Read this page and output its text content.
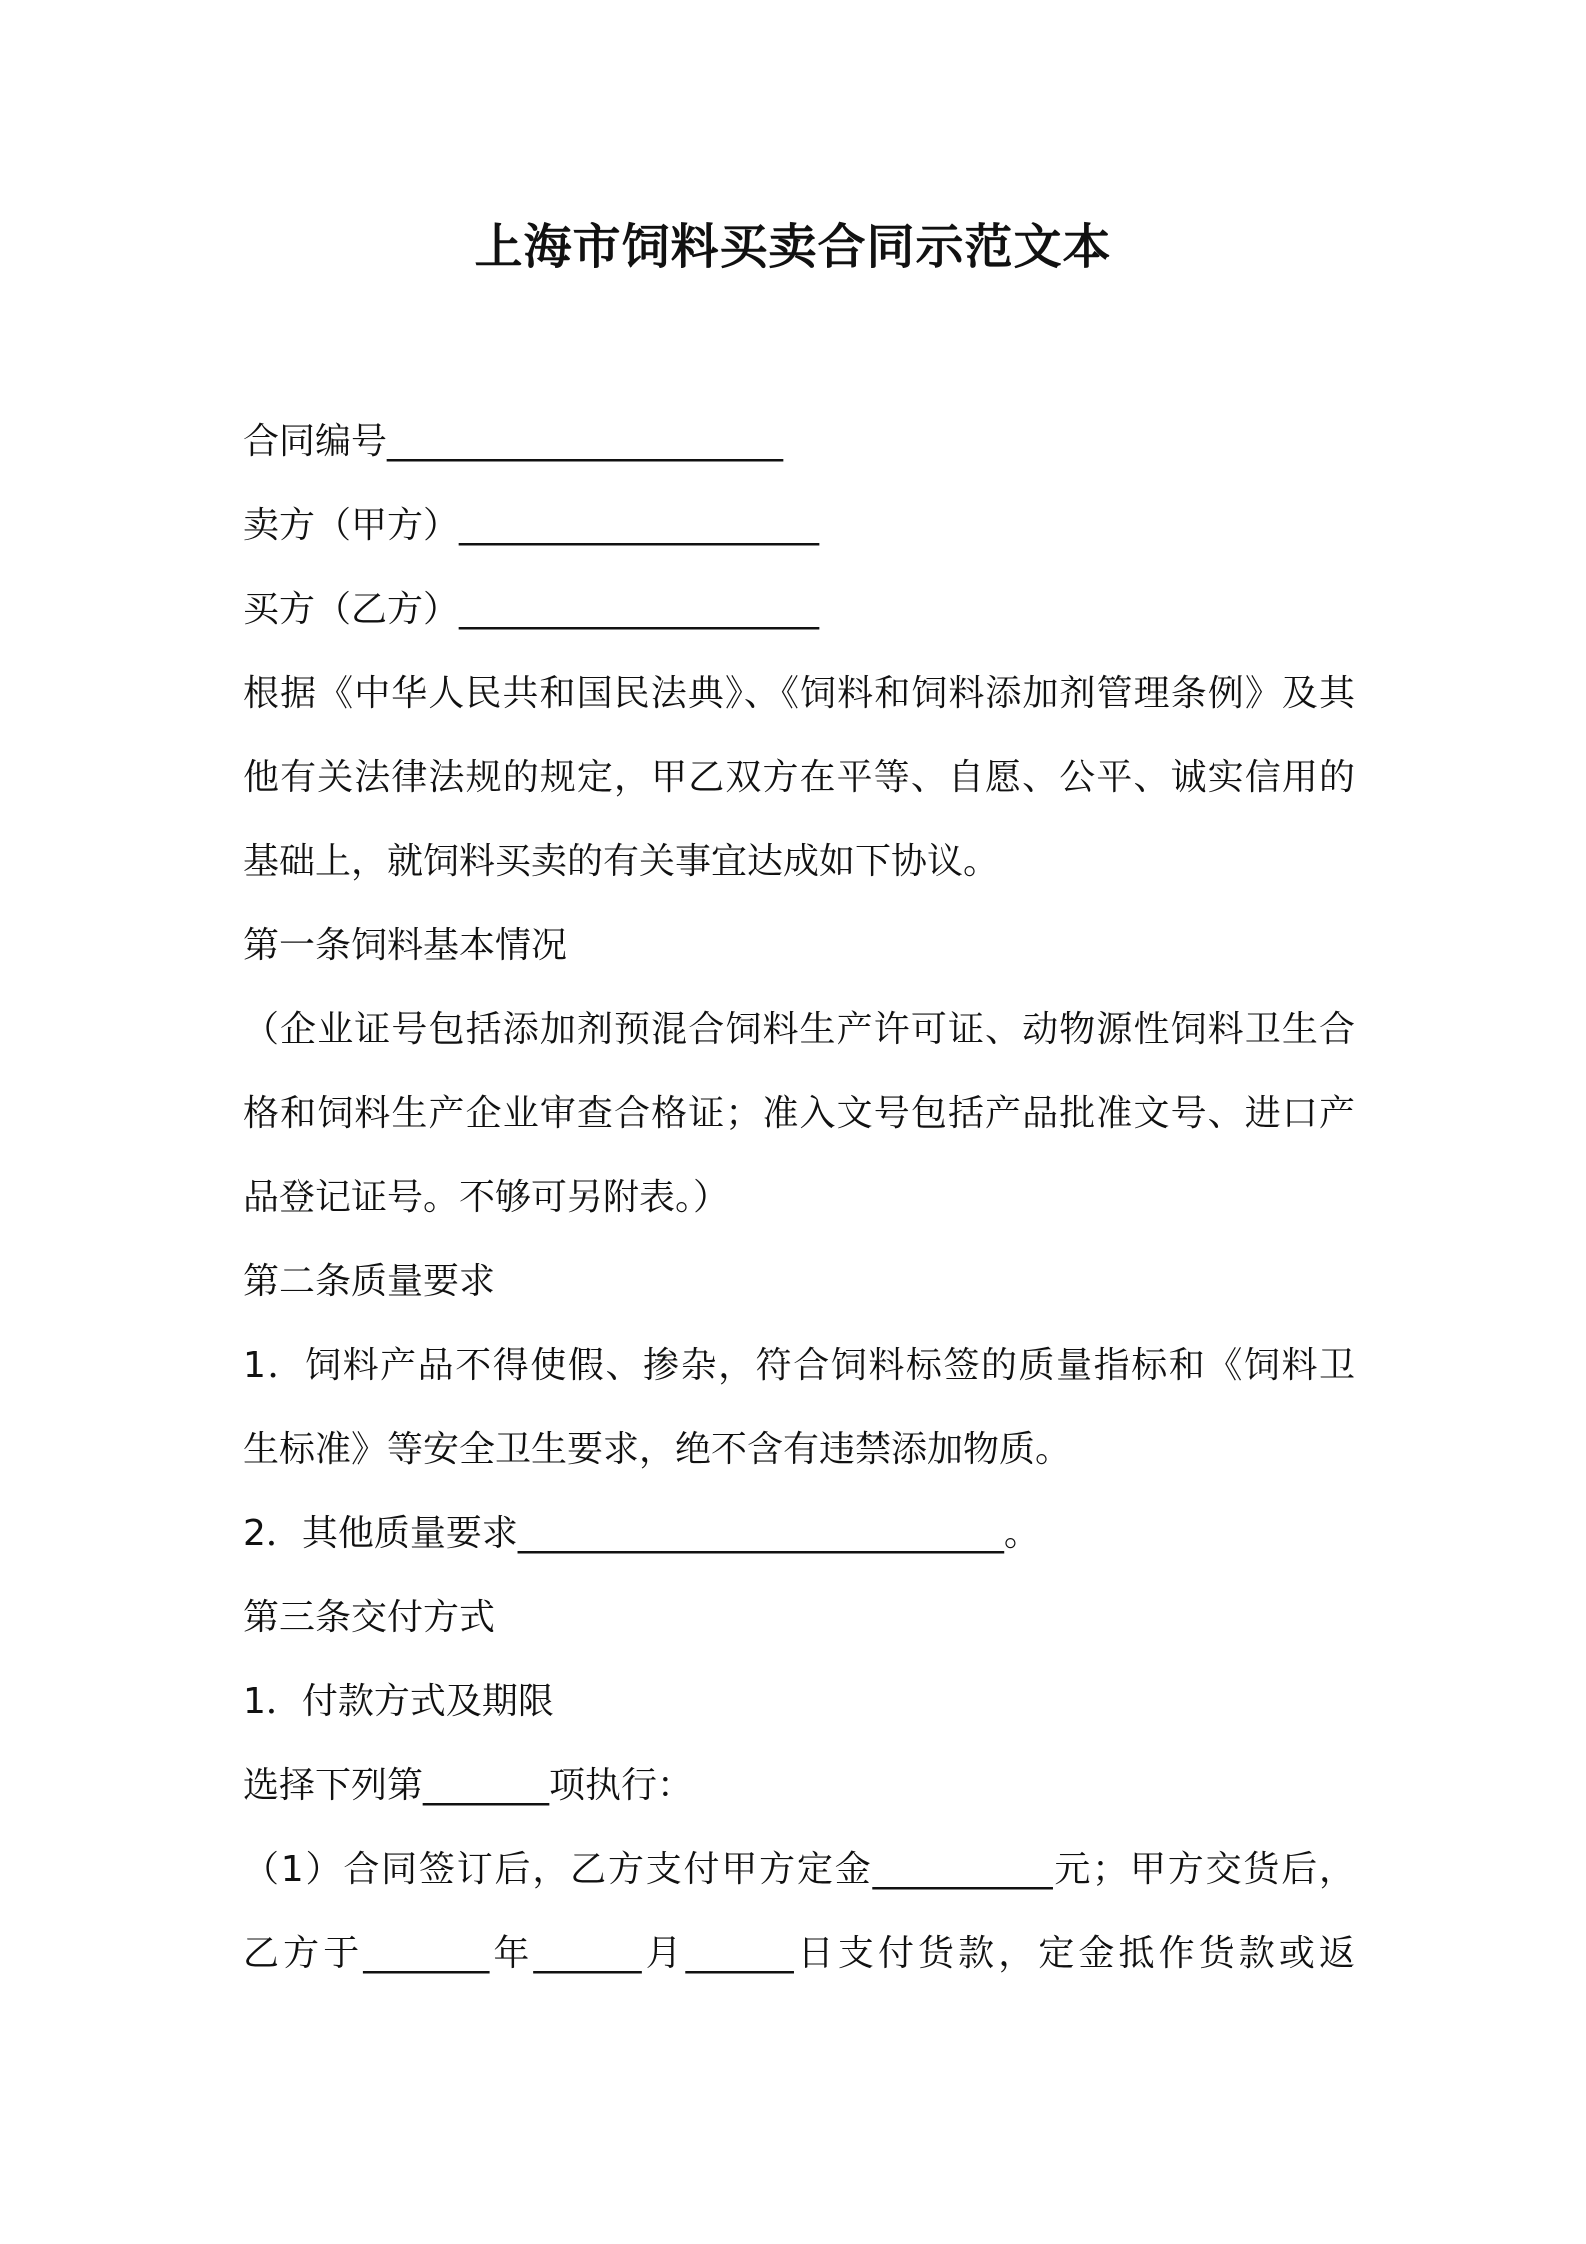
上海市饲料买卖合同示范文本
合同编号______________________
卖方（甲方）____________________
买方（乙方）____________________
根据《中华人民共和国民法典》、《饲料和饲料添加剂管理条例》及其
他有关法律法规的规定，甲乙双方在平等、自愿、公平、诚实信用的
基础上，就饲料买卖的有关事宜达成如下协议。
第一条饲料基本情况
（企业证号包括添加剂预混合饲料生产许可证、动物源性饲料卫生合
格和饲料生产企业审查合格证；准入文号包括产品批准文号、进口产
品登记证号。不够可另附表。）
第二条质量要求
1．饲料产品不得使假、掺杂，符合饲料标签的质量指标和《饲料卫
生标准》等安全卫生要求，绝不含有违禁添加物质。
2．其他质量要求___________________________。
第三条交付方式
1．付款方式及期限
选择下列第_______项执行：
（1）合同签订后，乙方支付甲方定金__________元；甲方交货后，
乙方于_______年______月______日支付货款，定金抵作货款或返
